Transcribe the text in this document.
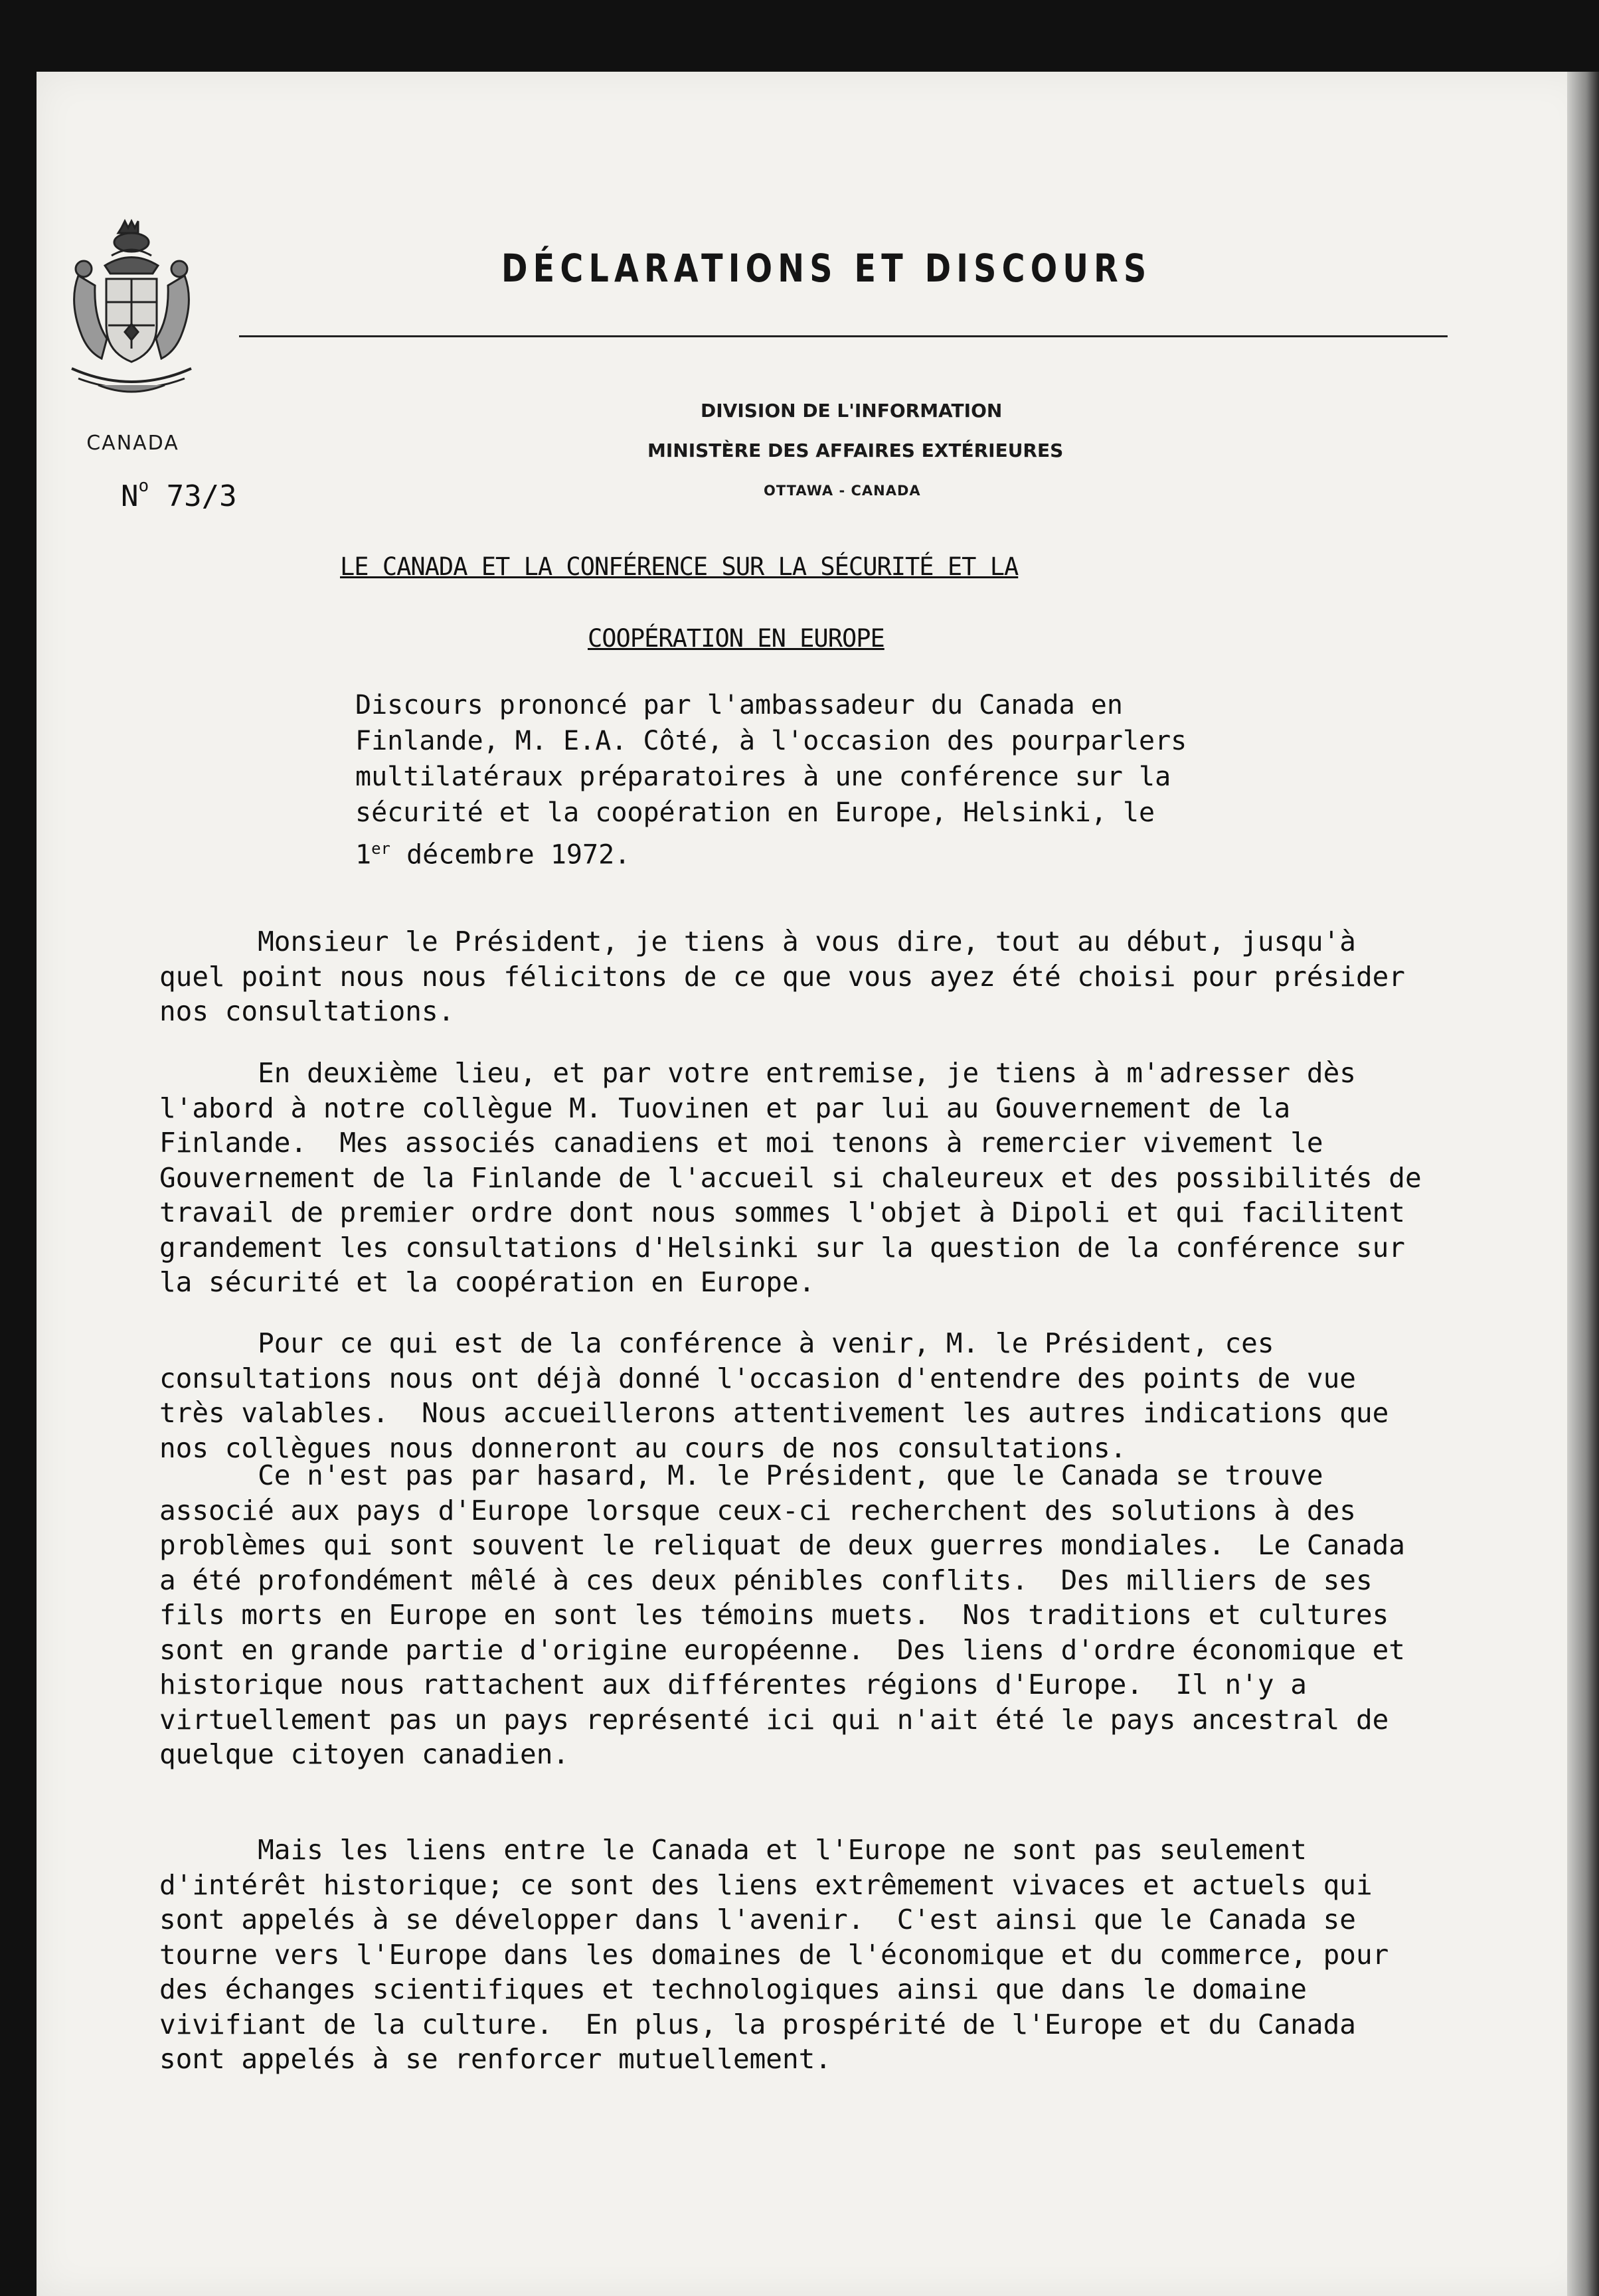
CANADA
DÉCLARATIONS ET DISCOURS
DIVISION DE L'INFORMATION
MINISTÈRE DES AFFAIRES EXTÉRIEURES
OTTAWA - CANADA
$N^o$ 73/3
LE CANADA ET LA CONFÉRENCE SUR LA SÉCURITÉ ET LA
COOPÉRATION EN EUROPE
Discours prononcé par l'ambassadeur du Canada en
Finlande, M. E.A. Côté, à l'occasion des pourparlers
multilatéraux préparatoires à une conférence sur la
sécurité et la coopération en Europe, Helsinki, le
1er décembre 1972.
Monsieur le Président, je tiens à vous dire, tout au début, jusqu'à
quel point nous nous félicitons de ce que vous ayez été choisi pour présider
nos consultations.
En deuxième lieu, et par votre entremise, je tiens à m'adresser dès
l'abord à notre collègue M. Tuovinen et par lui au Gouvernement de la
Finlande.  Mes associés canadiens et moi tenons à remercier vivement le
Gouvernement de la Finlande de l'accueil si chaleureux et des possibilités de
travail de premier ordre dont nous sommes l'objet à Dipoli et qui facilitent
grandement les consultations d'Helsinki sur la question de la conférence sur
la sécurité et la coopération en Europe.
Pour ce qui est de la conférence à venir, M. le Président, ces
consultations nous ont déjà donné l'occasion d'entendre des points de vue
très valables.  Nous accueillerons attentivement les autres indications que
nos collègues nous donneront au cours de nos consultations.
Ce n'est pas par hasard, M. le Président, que le Canada se trouve
associé aux pays d'Europe lorsque ceux-ci recherchent des solutions à des
problèmes qui sont souvent le reliquat de deux guerres mondiales.  Le Canada
a été profondément mêlé à ces deux pénibles conflits.  Des milliers de ses
fils morts en Europe en sont les témoins muets.  Nos traditions et cultures
sont en grande partie d'origine européenne.  Des liens d'ordre économique et
historique nous rattachent aux différentes régions d'Europe.  Il n'y a
virtuellement pas un pays représenté ici qui n'ait été le pays ancestral de
quelque citoyen canadien.
Mais les liens entre le Canada et l'Europe ne sont pas seulement
d'intérêt historique; ce sont des liens extrêmement vivaces et actuels qui
sont appelés à se développer dans l'avenir.  C'est ainsi que le Canada se
tourne vers l'Europe dans les domaines de l'économique et du commerce, pour
des échanges scientifiques et technologiques ainsi que dans le domaine
vivifiant de la culture.  En plus, la prospérité de l'Europe et du Canada
sont appelés à se renforcer mutuellement.
